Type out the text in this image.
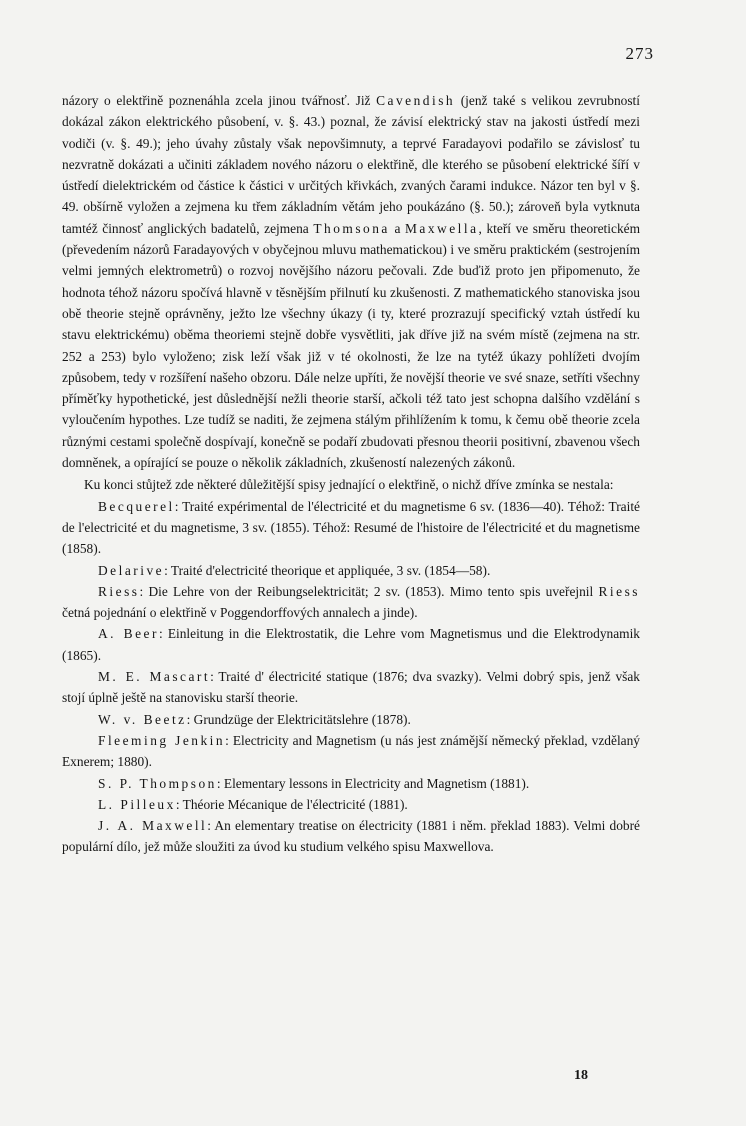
273

názory o elektřině poznenáhla zcela jinou tvářnosť. Již Cavendish (jenž také s velikou zevrubností dokázal zákon elektrického působení, v. §. 43.) poznal, že závisí elektrický stav na jakosti ústředí mezi vodiči (v. §. 49.); jeho úvahy zůstaly však nepovšimnuty, a teprvé Faradayovi podařilo se závislosť tu nezvratně dokázati a učiniti základem nového názoru o elektřině, dle kterého se působení elektrické šíří v ústředí dielektrickém od částice k částici v určitých křivkách, zvaných čarami indukce. Názor ten byl v §. 49. obšírně vyložen a zejmena ku třem základním větám jeho poukázáno (§. 50.); zároveň byla vytknuta tamtéž činnosť anglických badatelů, zejmena Thomsona a Maxwella, kteří ve směru theoretickém (převedením názorů Faradayových v obyčejnou mluvu mathematickou) i ve směru praktickém (sestrojením velmi jemných elektrometrů) o rozvoj novějšího názoru pečovali. Zde buďiž proto jen připomenuto, že hodnota téhož názoru spočívá hlavně v těsnějším přilnutí ku zkušenosti. Z mathematického stanoviska jsou obě theorie stejně oprávněny, ježto lze všechny úkazy (i ty, které prozrazují specifický vztah ústředí ku stavu elektrickému) oběma theoriemi stejně dobře vysvětliti, jak dříve již na svém místě (zejmena na str. 252 a 253) bylo vyloženo; zisk leží však již v té okolnosti, že lze na tytéž úkazy pohlížeti dvojím způsobem, tedy v rozšíření našeho obzoru. Dále nelze upříti, že novější theorie ve své snaze, setříti všechny příměťky hypothetické, jest důslednější nežli theorie starší, ačkoli též tato jest schopna dalšího vzdělání s vyloučením hypothes. Lze tudíž se naditi, že zejmena stálým přihlížením k tomu, k čemu obě theorie zcela různými cestami společně dospívají, konečně se podaří zbudovati přesnou theorii positivní, zbavenou všech domněnek, a opírající se pouze o několik základních, zkušeností nalezených zákonů.

Ku konci stůjtež zde některé důležitější spisy jednající o elektřině, o nichž dříve zmínka se nestala:

Becquerel: Traité expérimental de l'électricité et du magnetisme 6 sv. (1836—40). Téhož: Traité de l'electricité et du magnetisme, 3 sv. (1855). Téhož: Resumé de l'histoire de l'électricité et du magnetisme (1858).

Delarive: Traité d'electricité theorique et appliquée, 3 sv. (1854—58).

Riess: Die Lehre von der Reibungselektricität; 2 sv. (1853). Mimo tento spis uveřejnil Riess četná pojednání o elektřině v Poggendorffových annalech a jinde).

A. Beer: Einleitung in die Elektrostatik, die Lehre vom Magnetismus und die Elektrodynamik (1865).

M. E. Mascart: Traité d' électricité statique (1876; dva svazky). Velmi dobrý spis, jenž však stojí úplně ještě na stanovisku starší theorie.

W. v. Beetz: Grundzüge der Elektricitätslehre (1878).

Fleeming Jenkin: Electricity and Magnetism (u nás jest známější německý překlad, vzdělaný Exnerem; 1880).

S. P. Thompson: Elementary lessons in Electricity and Magnetism (1881).

L. Pilleux: Théorie Mécanique de l'électricité (1881).

J. A. Maxwell: An elementary treatise on électricity (1881 i něm. překlad 1883). Velmi dobré populární dílo, jež může sloužiti za úvod ku studium velkého spisu Maxwellova.

18
